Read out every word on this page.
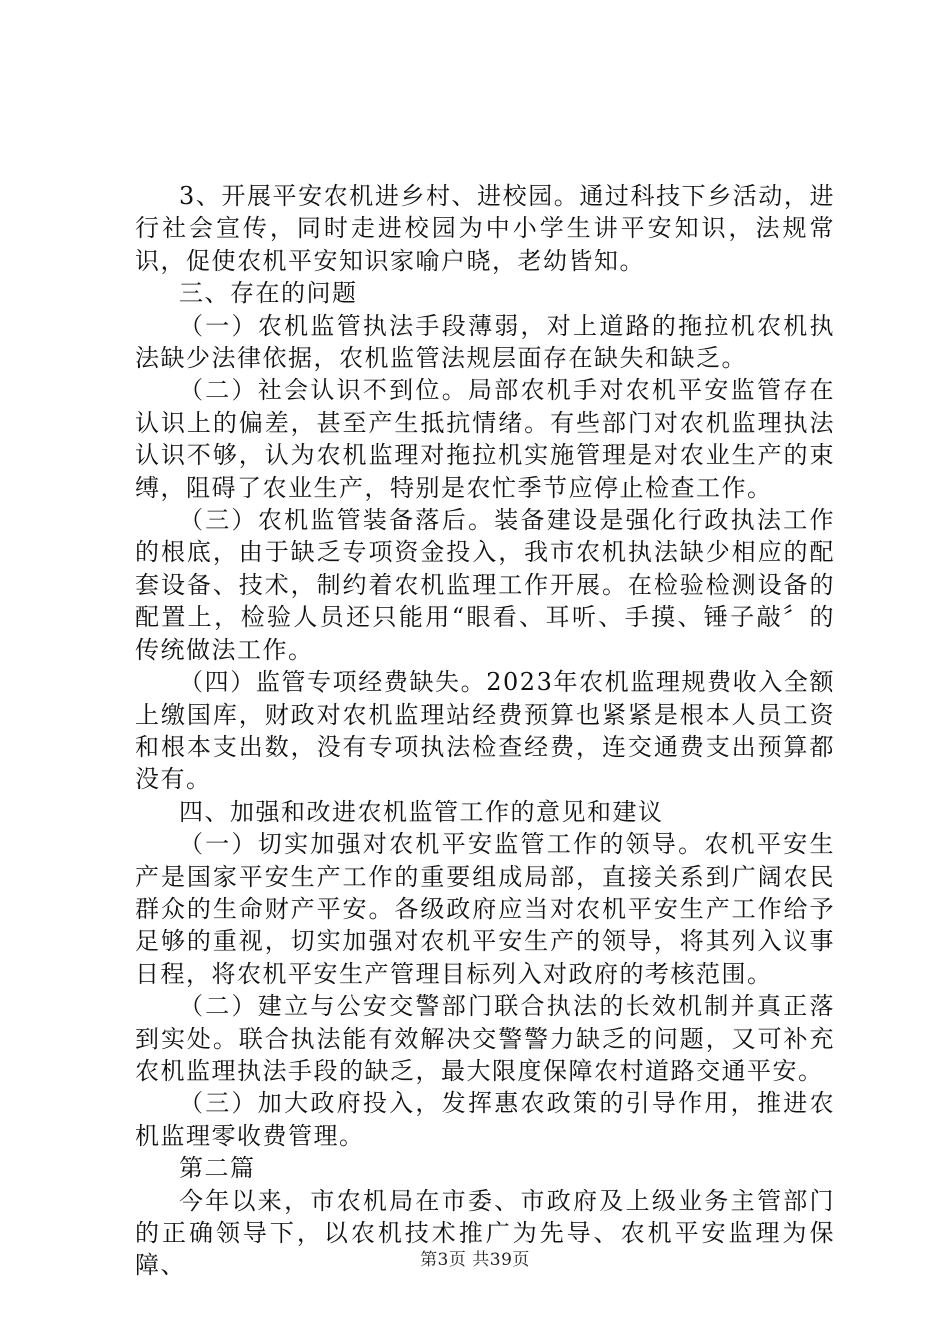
3、开展平安农机进乡村、进校园。通过科技下乡活动，进行社会宣传，同时走进校园为中小学生讲平安知识，法规常识，促使农机平安知识家喻户晓，老幼皆知。

三、存在的问题

（一）农机监管执法手段薄弱，对上道路的拖拉机农机执法缺少法律依据，农机监管法规层面存在缺失和缺乏。

（二）社会认识不到位。局部农机手对农机平安监管存在认识上的偏差，甚至产生抵抗情绪。有些部门对农机监理执法认识不够，认为农机监理对拖拉机实施管理是对农业生产的束缚，阻碍了农业生产，特别是农忙季节应停止检查工作。

（三）农机监管装备落后。装备建设是强化行政执法工作的根底，由于缺乏专项资金投入，我市农机执法缺少相应的配套设备、技术，制约着农机监理工作开展。在检验检测设备的配置上，检验人员还只能用“眼看、耳听、手摸、锤子敲〞的传统做法工作。

（四）监管专项经费缺失。2023年农机监理规费收入全额上缴国库，财政对农机监理站经费预算也紧紧是根本人员工资和根本支出数，没有专项执法检查经费，连交通费支出预算都没有。

四、加强和改进农机监管工作的意见和建议

（一）切实加强对农机平安监管工作的领导。农机平安生产是国家平安生产工作的重要组成局部，直接关系到广阔农民群众的生命财产平安。各级政府应当对农机平安生产工作给予足够的重视，切实加强对农机平安生产的领导，将其列入议事日程，将农机平安生产管理目标列入对政府的考核范围。

（二）建立与公安交警部门联合执法的长效机制并真正落到实处。联合执法能有效解决交警警力缺乏的问题，又可补充农机监理执法手段的缺乏，最大限度保障农村道路交通平安。

（三）加大政府投入，发挥惠农政策的引导作用，推进农机监理零收费管理。

第二篇

今年以来，市农机局在市委、市政府及上级业务主管部门的正确领导下，以农机技术推广为先导、农机平安监理为保障、	第3页 共39页
